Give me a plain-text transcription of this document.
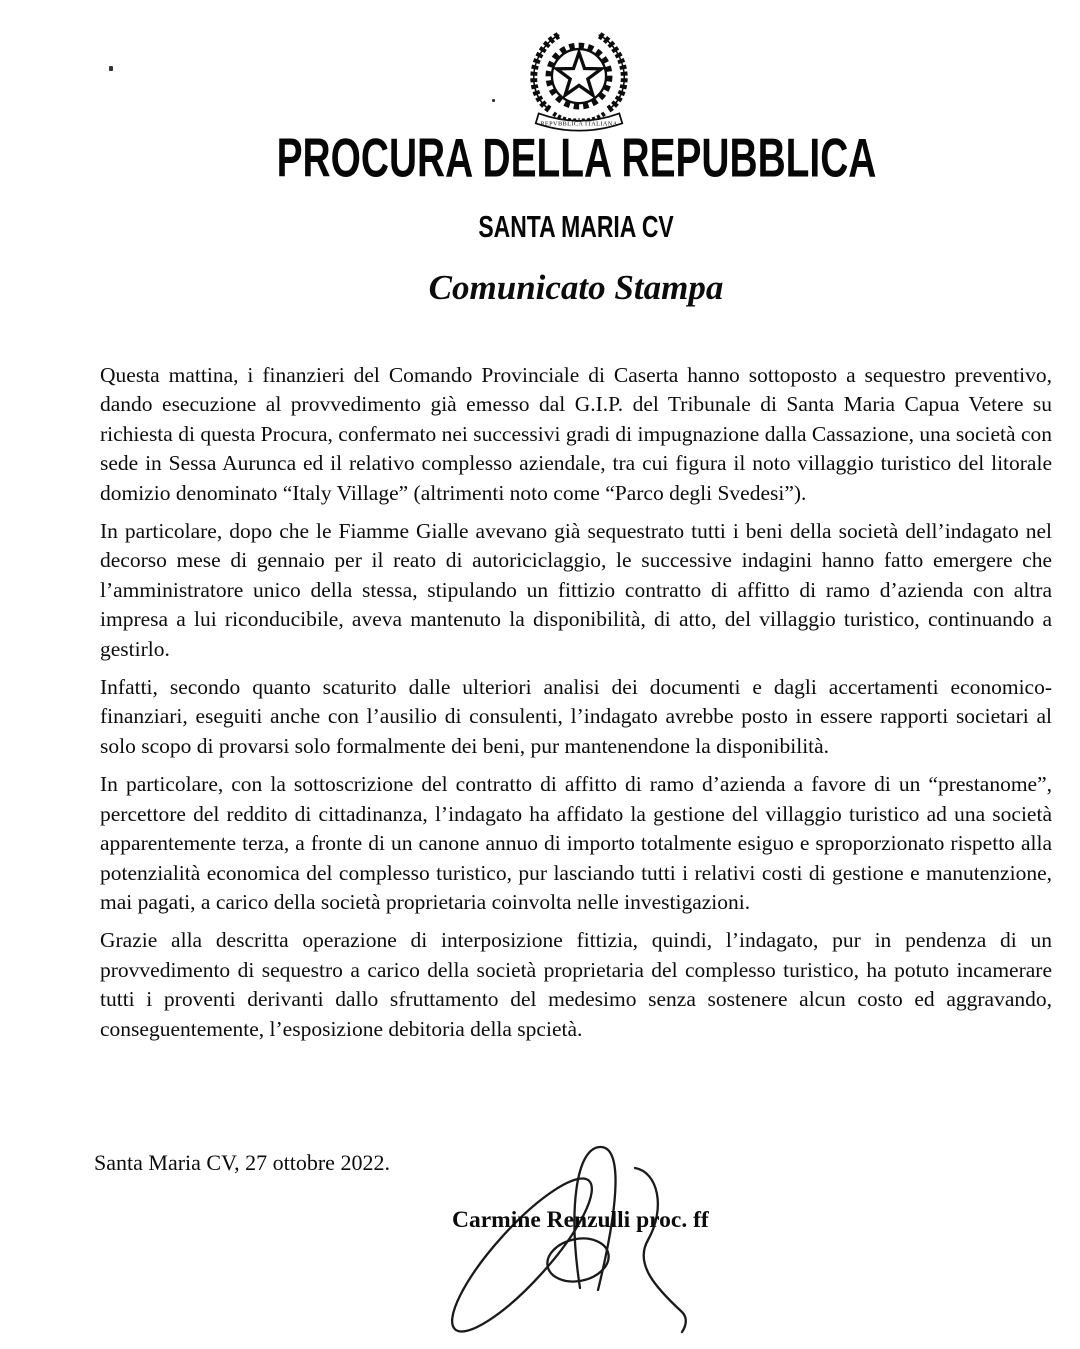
REPVBBLICA ITALIANA
PROCURA DELLA REPUBBLICA
SANTA MARIA CV
Comunicato Stampa

Questa mattina, i finanzieri del Comando Provinciale di Caserta hanno sottoposto a sequestro preventivo, dando esecuzione al provvedimento già emesso dal G.I.P. del Tribunale di Santa Maria Capua Vetere su richiesta di questa Procura, confermato nei successivi gradi di impugnazione dalla Cassazione, una società con sede in Sessa Aurunca ed il relativo complesso aziendale, tra cui figura il noto villaggio turistico del litorale domizio denominato “Italy Village” (altrimenti noto come “Parco degli Svedesi”).

In particolare, dopo che le Fiamme Gialle avevano già sequestrato tutti i beni della società dell’indagato nel decorso mese di gennaio per il reato di autoriciclaggio, le successive indagini hanno fatto emergere che l’amministratore unico della stessa, stipulando un fittizio contratto di affitto di ramo d’azienda con altra impresa a lui riconducibile, aveva mantenuto la disponibilità, di atto, del villaggio turistico, continuando a gestirlo.

Infatti, secondo quanto scaturito dalle ulteriori analisi dei documenti e dagli accertamenti economico-finanziari, eseguiti anche con l’ausilio di consulenti, l’indagato avrebbe posto in essere rapporti societari al solo scopo di provarsi solo formalmente dei beni, pur mantenendone la disponibilità.

In particolare, con la sottoscrizione del contratto di affitto di ramo d’azienda a favore di un “prestanome”, percettore del reddito di cittadinanza, l’indagato ha affidato la gestione del villaggio turistico ad una società apparentemente terza, a fronte di un canone annuo di importo totalmente esiguo e sproporzionato rispetto alla potenzialità economica del complesso turistico, pur lasciando tutti i relativi costi di gestione e manutenzione, mai pagati, a carico della società proprietaria coinvolta nelle investigazioni.

Grazie alla descritta operazione di interposizione fittizia, quindi, l’indagato, pur in pendenza di un provvedimento di sequestro a carico della società proprietaria del complesso turistico, ha potuto incamerare tutti i proventi derivanti dallo sfruttamento del medesimo senza sostenere alcun costo ed aggravando, conseguentemente, l’esposizione debitoria della spcietà.

Santa Maria CV, 27 ottobre 2022.
Carmine Renzulli proc. ff
